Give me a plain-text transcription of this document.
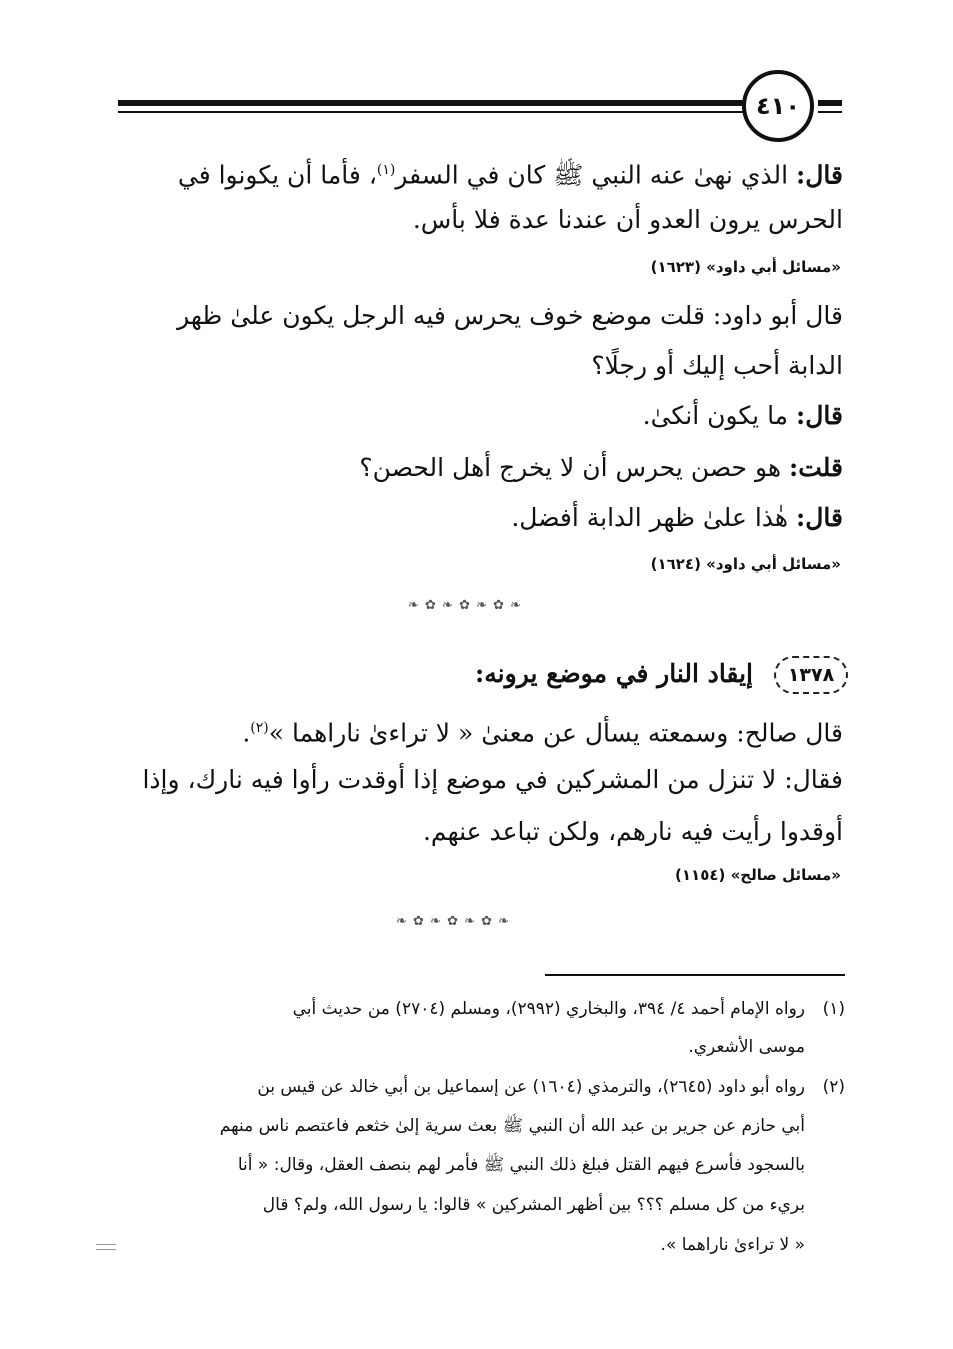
٤١٠
قال: الذي نهىٰ عنه النبي ﷺ كان في السفر$^{(١)}$، فأما أن يكونوا في
الحرس يرون العدو أن عندنا عدة فلا بأس.
«مسائل أبي داود» (١٦٢٣)
قال أبو داود: قلت موضع خوف يحرس فيه الرجل يكون علىٰ ظهر
الدابة أحب إليك أو رجلًا؟
قال: ما يكون أنكىٰ.
قلت: هو حصن يحرس أن لا يخرج أهل الحصن؟
قال: هٰذا علىٰ ظهر الدابة أفضل.
«مسائل أبي داود» (١٦٢٤)
❧ ✿ ❧ ✿ ❧ ✿ ❧
١٣٧٨
إيقاد النار في موضع يرونه:
قال صالح: وسمعته يسأل عن معنىٰ « لا تراءىٰ ناراهما »$^{(٢)}$.
فقال: لا تنزل من المشركين في موضع إذا أوقدت رأوا فيه نارك، وإذا
أوقدوا رأيت فيه نارهم، ولكن تباعد عنهم.
«مسائل صالح» (١١٥٤)
❧ ✿ ❧ ✿ ❧ ✿ ❧
(١)
رواه الإمام أحمد ٤/ ٣٩٤، والبخاري (٢٩٩٢)، ومسلم (٢٧٠٤) من حديث أبي
موسى الأشعري.
(٢)
رواه أبو داود (٢٦٤٥)، والترمذي (١٦٠٤) عن إسماعيل بن أبي خالد عن قيس بن
أبي حازم عن جرير بن عبد الله أن النبي ﷺ بعث سرية إلىٰ خثعم فاعتصم ناس منهم
بالسجود فأسرع فيهم القتل فبلغ ذلك النبي ﷺ فأمر لهم بنصف العقل، وقال: « أنا
بريء من كل مسلم ؟؟؟ بين أظهر المشركين » قالوا: يا رسول الله، ولم؟ قال
« لا تراءىٰ ناراهما ».
